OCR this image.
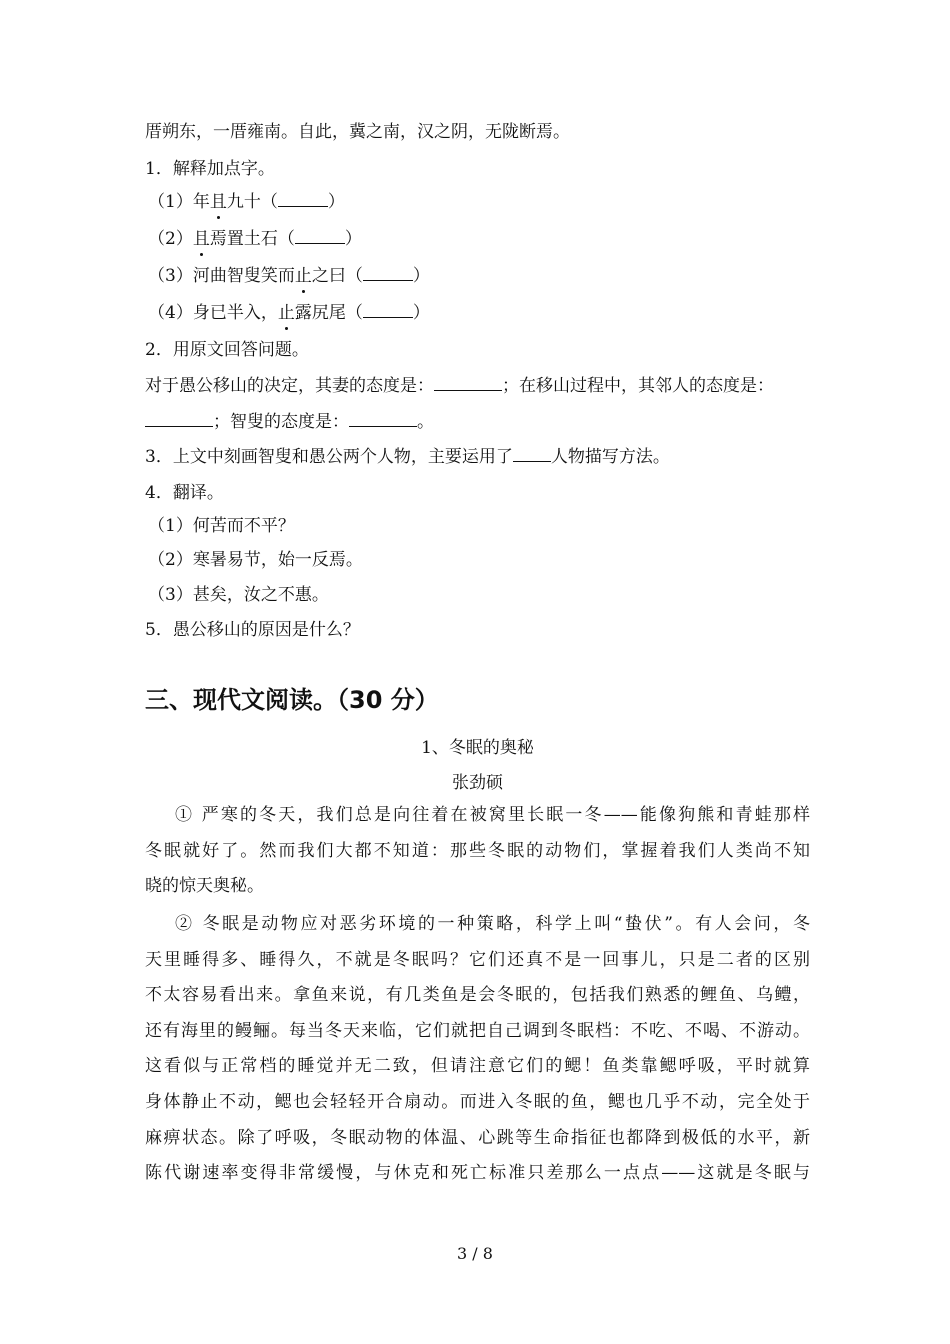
厝朔东，一厝雍南。自此，冀之南，汉之阴，无陇断焉。
1．解释加点字。
（1）年且九十（	）
（2）且焉置土石（	）
（3）河曲智叟笑而止之曰（	）
（4）身已半入，止露尻尾（	）
2．用原文回答问题。
对于愚公移山的决定，其妻的态度是：	；在移山过程中，其邻人的态度是：
；智叟的态度是：	。
3．上文中刻画智叟和愚公两个人物，主要运用了 人物描写方法。
4．翻译。
（1）何苦而不平？
（2）寒暑易节，始一反焉。
（3）甚矣，汝之不惠。
5．愚公移山的原因是什么？
三、现代文阅读。（30 分）
1、冬眠的奥秘
张劲硕
① 严寒的冬天，我们总是向往着在被窝里长眠一冬——能像狗熊和青蛙那样
冬眠就好了。然而我们大都不知道：那些冬眠的动物们，掌握着我们人类尚不知
晓的惊天奥秘。
② 冬眠是动物应对恶劣环境的一种策略，科学上叫“蛰伏”。有人会问，冬
天里睡得多、睡得久，不就是冬眠吗？它们还真不是一回事儿，只是二者的区别
不太容易看出来。拿鱼来说，有几类鱼是会冬眠的，包括我们熟悉的鲤鱼、乌鳢，
还有海里的鳗鲡。每当冬天来临，它们就把自己调到冬眠档：不吃、不喝、不游动。
这看似与正常档的睡觉并无二致，但请注意它们的鳃！鱼类靠鳃呼吸，平时就算
身体静止不动，鳃也会轻轻开合扇动。而进入冬眠的鱼，鳃也几乎不动，完全处于
麻痹状态。除了呼吸，冬眠动物的体温、心跳等生命指征也都降到极低的水平，新
陈代谢速率变得非常缓慢，与休克和死亡标准只差那么一点点——这就是冬眠与
3 / 8
